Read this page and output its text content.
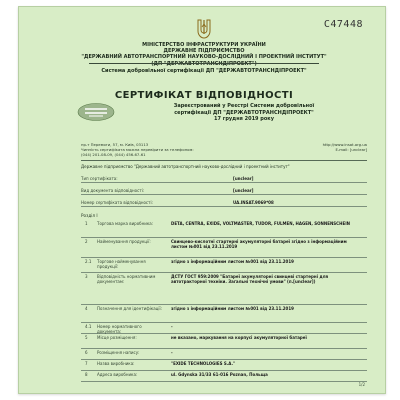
С47448
МІНІСТЕРСТВО ІНФРАСТРУКТУРИ УКРАЇНИ
ДЕРЖАВНЕ ПІДПРИЄМСТВО
"ДЕРЖАВНИЙ АВТОТРАНСПОРТНИЙ НАУКОВО-ДОСЛІДНИЙ І ПРОЕКТНИЙ ІНСТИТУТ"
(ДП "ДЕРЖАВТОТРАНСНДІПРОЕКТ")
Система добровільної сертифікації ДП "ДЕРЖАВТОТРАНСНДІПРОЕКТ"
СЕРТИФІКАТ ВІДПОВІДНОСТІ
Зареєстрований у Реєстрі Системи добровільної
сертифікації ДП "ДЕРЖАВТОТРАНСНДІПРОЕКТ"
17 грудня 2019 року
пр-т Перемоги, 57, м. Київ, 03113
Чинність сертифіката можна перевірити за телефоном:
(044) 201-08-09, (044) 456-67-61
http://www.insat.org.ua
E-mail: [unclear]
Державне підприємство "Державний автотранспортний науково-дослідний і проектний інститут"
Тип сертифіката:	[unclear]
Вид документа відповідності:	[unclear]
Номер сертифіката відповідності:	UA.INSAT.9069*08
Розділ І
1 Торгова марка виробника:	DETA, CENTRA, EXIDE, VOLTMASTER, TUDOR, FULMEN, HAGEN, SONNENSCHEIN
2 Найменування продукції:	Свинцево-кислотні стартерні акумуляторні батареї згідно з інформаційним листом №001 від 23.11.2019
2.1 Торгове найменування продукції:
згідно з інформаційним листом №001 від 23.11.2019
3 Відповідність нормативним документам:
ДСТУ ГОСТ 959:2009 "Батареї акумуляторні свинцеві стартерні для автотракторної техніки. Загальні технічні умови" (п.[unclear])
4 Позначення для ідентифікації:	згідно з інформаційним листом №001 від 23.11.2019
4.1 Номер нормативного документа:
-
5 Місце розміщення:	не вказано, маркування на корпусі акумуляторної батареї
6 Розміщення напису:	-
7 Назва виробника:	"EXIDE TECHNOLOGIES S.A."
8 Адреса виробника:	ul. Gdynska 31/33 61-016 Poznan, Польща
1/2
